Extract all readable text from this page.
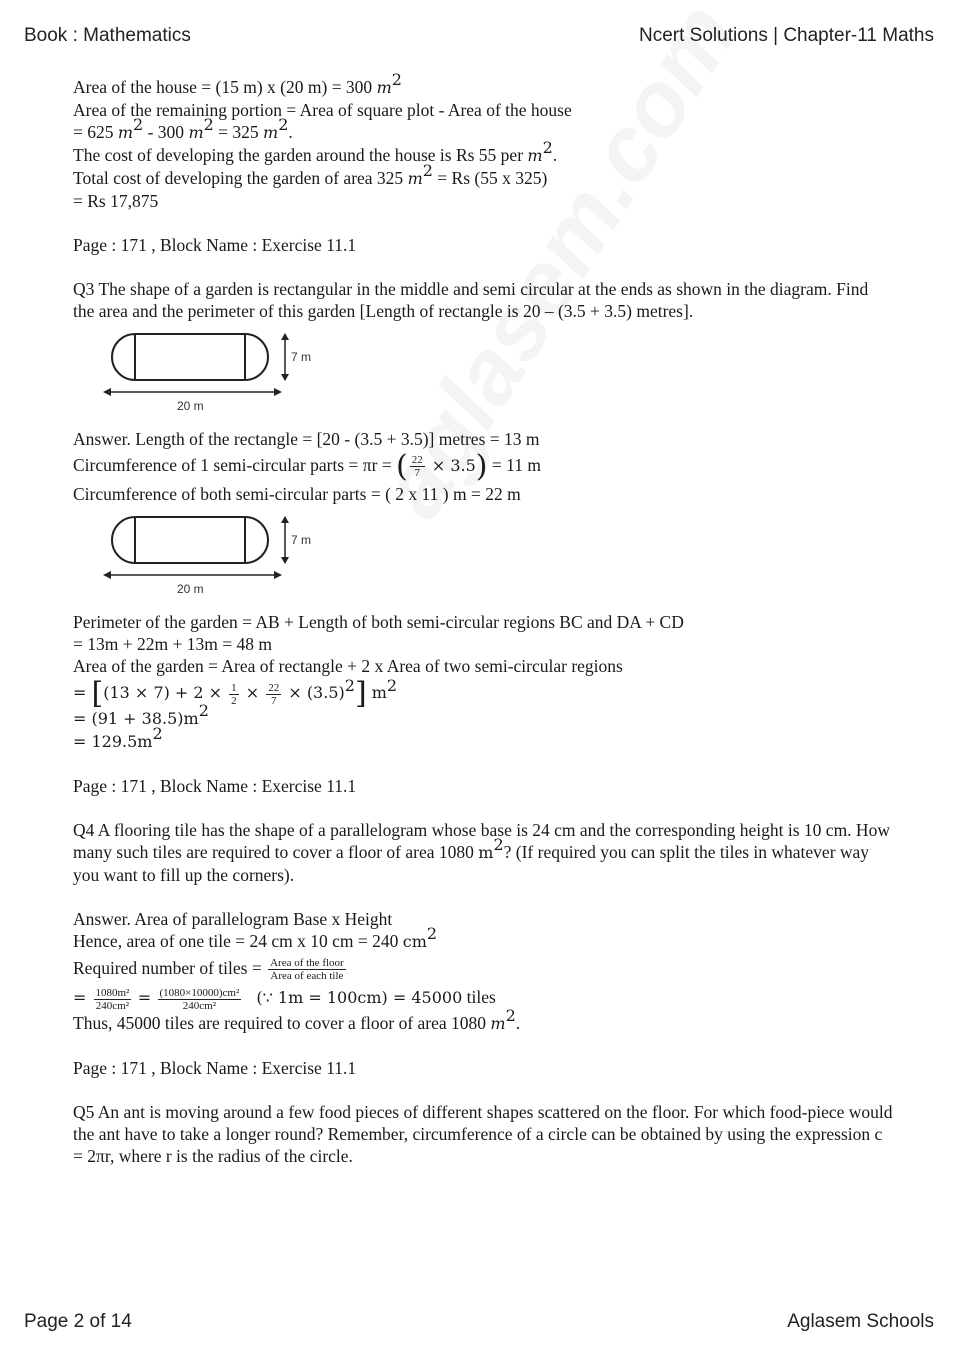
Book : Mathematics	Ncert Solutions | Chapter-11 Maths
Area of the house = (15 m) x (20 m) = 300 $m^2$
Area of the remaining portion = Area of square plot - Area of the house
= 625 $m^2 - 300$ $m^2 = 325$ $m^2$.
The cost of developing the garden around the house is Rs 55 per $m^2$.
Total cost of developing the garden of area 325 $m^2 = Rs$ (55 x 325)
= Rs 17,875
Page : 171 , Block Name : Exercise 11.1
Q3 The shape of a garden is rectangular in the middle and semi circular at the ends as shown in the diagram. Find the area and the perimeter of this garden [Length of rectangle is 20 – (3.5 + 3.5) metres].
7 m
20 m
Answer. Length of the rectangle = [20 - (3.5 + 3.5)] metres = 13 m
Circumference of 1 semi-circular parts = πr = ( $\frac{22}{7} \times 3.5) = 11$ m
Circumference of both semi-circular parts = ( 2 x 11 ) m = 22 m
7 m
20 m
Perimeter of the garden = AB + Length of both semi-circular regions BC and DA + CD
= 13m + 22m + 13m = 48 m
Area of the garden = Area of rectangle + 2 x Area of two semi-circular regions
= $[(13 \times 7) + 2 \times \frac{1}{2} \times \frac{22}{7} \times (3.5)^2]$ $m^2$
= $(91 + 38.5)m^2$
= $129.5m^2$
Page : 171 , Block Name : Exercise 11.1
Q4 A flooring tile has the shape of a parallelogram whose base is 24 cm and the corresponding height is 10 cm. How many such tiles are required to cover a floor of area 1080 $m^2$? (If required you can split the tiles in whatever way you want to fill up the corners).
Answer. Area of parallelogram Base x Height
Hence, area of one tile = 24 cm x 10 cm = 240 $cm^2$
Required number of tiles = $\frac{\text{Area of the floor}}{\text{Area of each tile}}$
= $\frac{\text{1080m²}}{\text{240cm²}} = \frac{\text{(1080×10000)cm²}}{\text{240cm²}}$ (∵ 1m = 100cm) = 45000 tiles
Thus, 45000 tiles are required to cover a floor of area 1080 $m^2$.
Page : 171 , Block Name : Exercise 11.1
Q5 An ant is moving around a few food pieces of different shapes scattered on the floor. For which food-piece would the ant have to take a longer round? Remember, circumference of a circle can be obtained by using the expression c = 2πr, where r is the radius of the circle.
Page 2 of 14	Aglasem Schools
